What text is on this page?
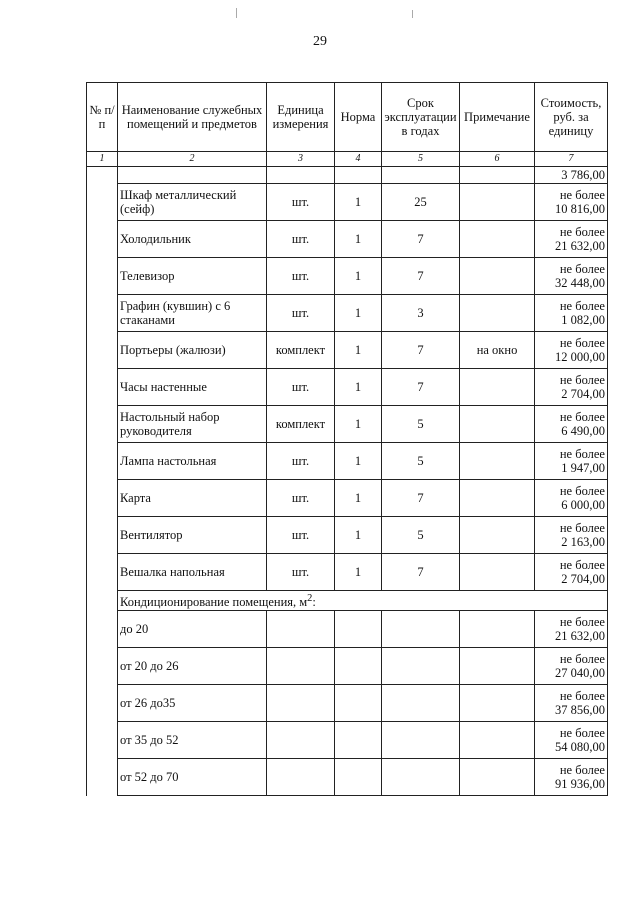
29
№ п/п	Наименование служебных помещений и предметов	Единица измерения	Норма	Срок эксплуатации в годах	Примечание	Стоимость, руб. за единицу
1	2	3	4	5	6	7
						3 786,00
	Шкаф металлический (сейф)	шт.	1	25		не более
10 816,00

	Холодильник	шт.	1	7		не более
21 632,00

	Телевизор	шт.	1	7		не более
32 448,00

	Графин (кувшин) с 6 стаканами	шт.	1	3		не более
1 082,00

	Портьеры (жалюзи)	комплект	1	7	на окно	не более
12 000,00

	Часы настенные	шт.	1	7		не более
2 704,00

	Настольный набор руководителя	комплект	1	5		не более
6 490,00

	Лампа настольная	шт.	1	5		не более
1 947,00

	Карта	шт.	1	7		не более
6 000,00

	Вентилятор	шт.	1	5		не более
2 163,00

	Вешалка напольная	шт.	1	7		не более
2 704,00

	Кондиционирование помещения, $м^2$:					
	до 20					не более
21 632,00

	от 20 до 26					не более
27 040,00

	от 26 до35					не более
37 856,00

	от 35 до 52					не более
54 080,00

	от 52 до 70					не более
91 936,00
